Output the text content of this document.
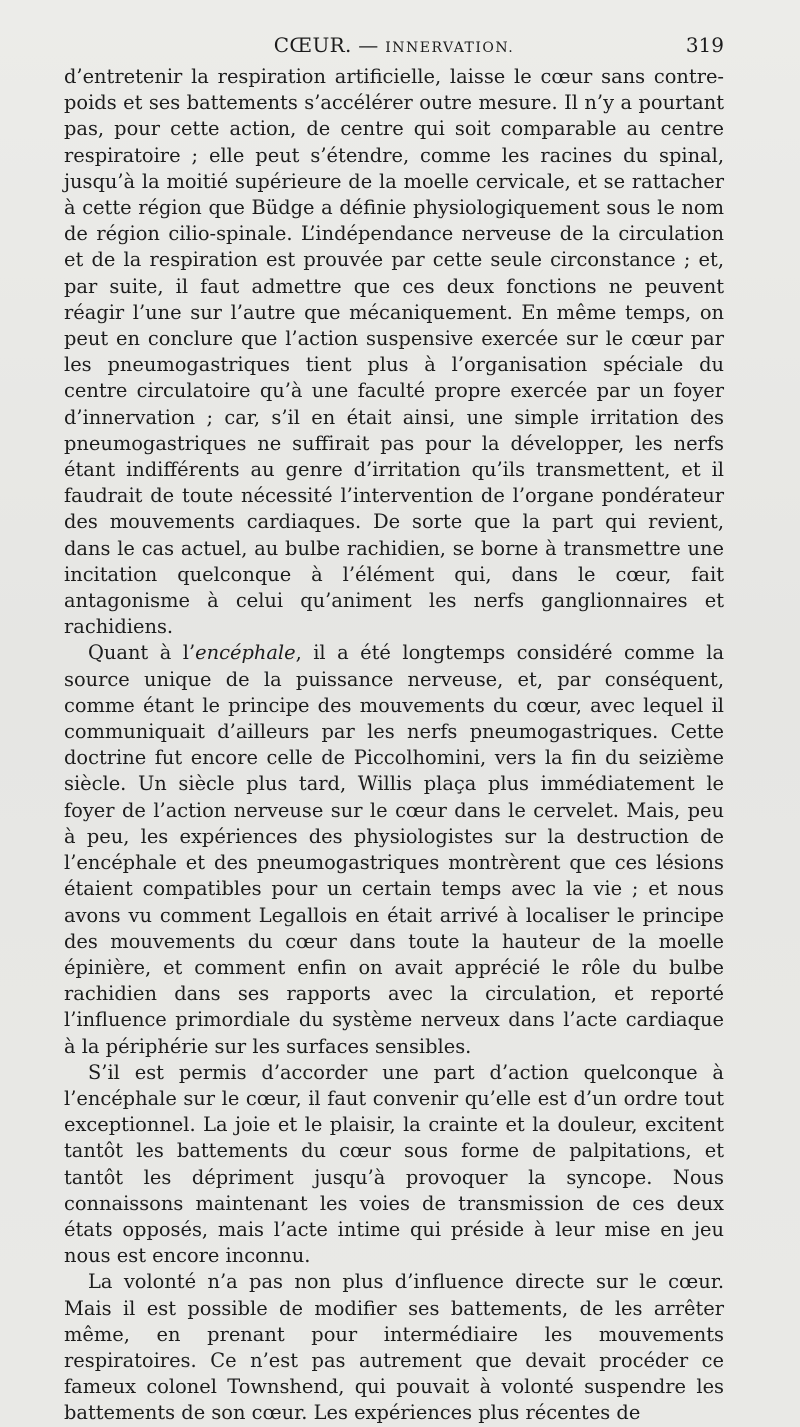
CŒUR. — INNERVATION.	319

d’entretenir la respiration artificielle, laisse le cœur sans contre-poids et ses battements s’accélérer outre mesure. Il n’y a pourtant pas, pour cette action, de centre qui soit comparable au centre respiratoire ; elle peut s’étendre, comme les racines du spinal, jusqu’à la moitié supérieure de la moelle cervicale, et se rattacher à cette région que Büdge a définie physiologiquement sous le nom de région cilio-spinale. L’indépendance nerveuse de la circulation et de la respiration est prouvée par cette seule circonstance ; et, par suite, il faut admettre que ces deux fonctions ne peuvent réagir l’une sur l’autre que mécaniquement. En même temps, on peut en conclure que l’action suspensive exercée sur le cœur par les pneumogastriques tient plus à l’organisation spéciale du centre circulatoire qu’à une faculté propre exercée par un foyer d’innervation ; car, s’il en était ainsi, une simple irritation des pneumogastriques ne suffirait pas pour la développer, les nerfs étant indifférents au genre d’irritation qu’ils transmettent, et il faudrait de toute nécessité l’intervention de l’organe pondérateur des mouvements cardiaques. De sorte que la part qui revient, dans le cas actuel, au bulbe rachidien, se borne à transmettre une incitation quelconque à l’élément qui, dans le cœur, fait antagonisme à celui qu’animent les nerfs ganglionnaires et rachidiens.

Quant à l’encéphale, il a été longtemps considéré comme la source unique de la puissance nerveuse, et, par conséquent, comme étant le principe des mouvements du cœur, avec lequel il communiquait d’ailleurs par les nerfs pneumogastriques. Cette doctrine fut encore celle de Piccolhomini, vers la fin du seizième siècle. Un siècle plus tard, Willis plaça plus immédiatement le foyer de l’action nerveuse sur le cœur dans le cervelet. Mais, peu à peu, les expériences des physiologistes sur la destruction de l’encéphale et des pneumogastriques montrèrent que ces lésions étaient compatibles pour un certain temps avec la vie ; et nous avons vu comment Legallois en était arrivé à localiser le principe des mouvements du cœur dans toute la hauteur de la moelle épinière, et comment enfin on avait apprécié le rôle du bulbe rachidien dans ses rapports avec la circulation, et reporté l’influence primordiale du système nerveux dans l’acte cardiaque à la périphérie sur les surfaces sensibles.

S’il est permis d’accorder une part d’action quelconque à l’encéphale sur le cœur, il faut convenir qu’elle est d’un ordre tout exceptionnel. La joie et le plaisir, la crainte et la douleur, excitent tantôt les battements du cœur sous forme de palpitations, et tantôt les dépriment jusqu’à provoquer la syncope. Nous connaissons maintenant les voies de transmission de ces deux états opposés, mais l’acte intime qui préside à leur mise en jeu nous est encore inconnu.

La volonté n’a pas non plus d’influence directe sur le cœur. Mais il est possible de modifier ses battements, de les arrêter même, en prenant pour intermédiaire les mouvements respiratoires. Ce n’est pas autrement que devait procéder ce fameux colonel Townshend, qui pouvait à volonté suspendre les battements de son cœur. Les expériences plus récentes de
